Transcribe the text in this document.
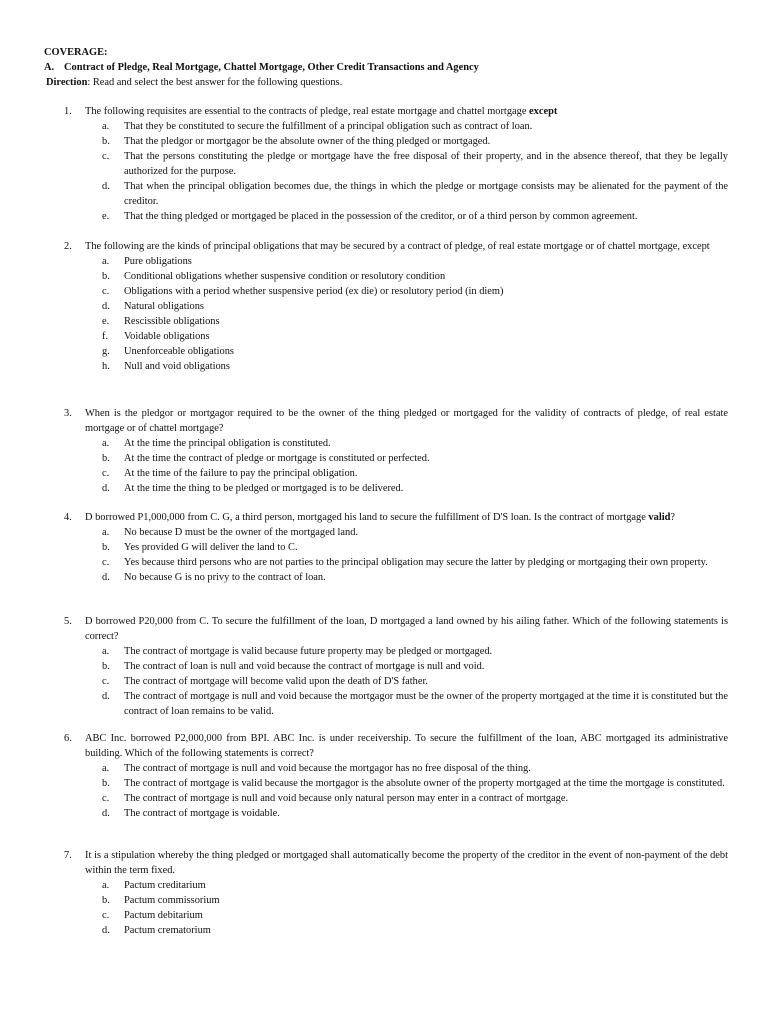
COVERAGE:
A. Contract of Pledge, Real Mortgage, Chattel Mortgage, Other Credit Transactions and Agency
Direction: Read and select the best answer for the following questions.
1.	The following requisites are essential to the contracts of pledge, real estate mortgage and chattel mortgage except
a. That they be constituted to secure the fulfillment of a principal obligation such as contract of loan.
b. That the pledgor or mortgagor be the absolute owner of the thing pledged or mortgaged.
c. That the persons constituting the pledge or mortgage have the free disposal of their property, and in the absence thereof, that they be legally authorized for the purpose.
d. That when the principal obligation becomes due, the things in which the pledge or mortgage consists may be alienated for the payment of the creditor.
e. That the thing pledged or mortgaged be placed in the possession of the creditor, or of a third person by common agreement.
2.	The following are the kinds of principal obligations that may be secured by a contract of pledge, of real estate mortgage or of chattel mortgage, except
a. Pure obligations
b. Conditional obligations whether suspensive condition or resolutory condition
c. Obligations with a period whether suspensive period (ex die) or resolutory period (in diem)
d. Natural obligations
e. Rescissible obligations
f. Voidable obligations
g. Unenforceable obligations
h. Null and void obligations
3.	When is the pledgor or mortgagor required to be the owner of the thing pledged or mortgaged for the validity of contracts of pledge, of real estate mortgage or of chattel mortgage?
a. At the time the principal obligation is constituted.
b. At the time the contract of pledge or mortgage is constituted or perfected.
c. At the time of the failure to pay the principal obligation.
d. At the time the thing to be pledged or mortgaged is to be delivered.
4.	D borrowed P1,000,000 from C. G, a third person, mortgaged his land to secure the fulfillment of D'S loan. Is the contract of mortgage valid?
a. No because D must be the owner of the mortgaged land.
b. Yes provided G will deliver the land to C.
c. Yes because third persons who are not parties to the principal obligation may secure the latter by pledging or mortgaging their own property.
d. No because G is no privy to the contract of loan.
5.	D borrowed P20,000 from C. To secure the fulfillment of the loan, D mortgaged a land owned by his ailing father. Which of the following statements is correct?
a. The contract of mortgage is valid because future property may be pledged or mortgaged.
b. The contract of loan is null and void because the contract of mortgage is null and void.
c. The contract of mortgage will become valid upon the death of D'S father.
d. The contract of mortgage is null and void because the mortgagor must be the owner of the property mortgaged at the time it is constituted but the contract of loan remains to be valid.
6.	ABC Inc. borrowed P2,000,000 from BPI. ABC Inc. is under receivership. To secure the fulfillment of the loan, ABC mortgaged its administrative building. Which of the following statements is correct?
a. The contract of mortgage is null and void because the mortgagor has no free disposal of the thing.
b. The contract of mortgage is valid because the mortgagor is the absolute owner of the property mortgaged at the time the mortgage is constituted.
c. The contract of mortgage is null and void because only natural person may enter in a contract of mortgage.
d. The contract of mortgage is voidable.
7.	It is a stipulation whereby the thing pledged or mortgaged shall automatically become the property of the creditor in the event of non-payment of the debt within the term fixed.
a. Pactum creditarium
b. Pactum commissorium
c. Pactum debitarium
d. Pactum crematorium
